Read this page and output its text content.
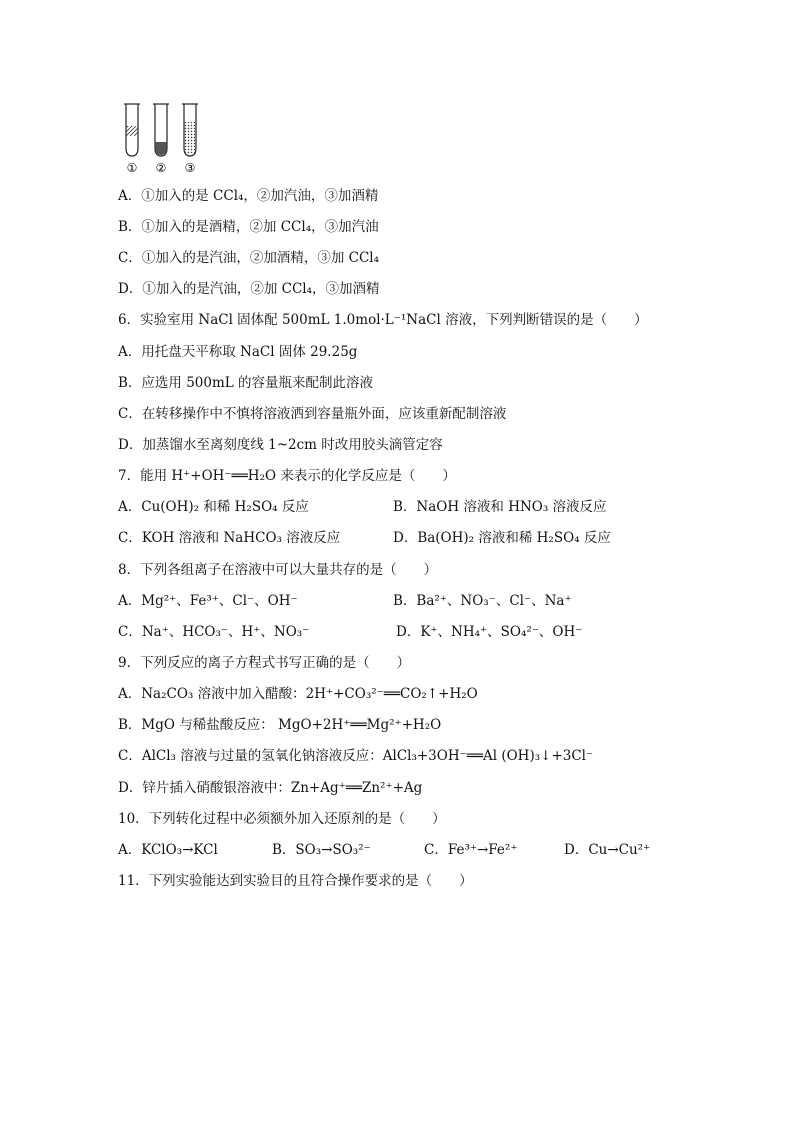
① ② ③
A．①加入的是 CCl₄，②加汽油，③加酒精
B．①加入的是酒精，②加 CCl₄，③加汽油
C．①加入的是汽油，②加酒精，③加 CCl₄
D．①加入的是汽油，②加 CCl₄，③加酒精
6．实验室用 NaCl 固体配 500mL 1.0mol·L⁻¹NaCl 溶液，下列判断错误的是（　　）
A．用托盘天平称取 NaCl 固体 29.25g
B．应选用 500mL 的容量瓶来配制此溶液
C．在转移操作中不慎将溶液洒到容量瓶外面，应该重新配制溶液
D．加蒸馏水至离刻度线 1~2cm 时改用胶头滴管定容
7．能用 H⁺+OH⁻══H₂O 来表示的化学反应是（　　）
A．Cu(OH)₂ 和稀 H₂SO₄ 反应	B．NaOH 溶液和 HNO₃ 溶液反应
C．KOH 溶液和 NaHCO₃ 溶液反应	D．Ba(OH)₂ 溶液和稀 H₂SO₄ 反应
8．下列各组离子在溶液中可以大量共存的是（　　）
A．Mg²⁺、Fe³⁺、Cl⁻、OH⁻	B．Ba²⁺、NO₃⁻、Cl⁻、Na⁺
C．Na⁺、HCO₃⁻、H⁺、NO₃⁻	D．K⁺、NH₄⁺、SO₄²⁻、OH⁻
9．下列反应的离子方程式书写正确的是（　　）
A．Na₂CO₃ 溶液中加入醋酸：2H⁺+CO₃²⁻══CO₂↑+H₂O
B．MgO 与稀盐酸反应： MgO+2H⁺══Mg²⁺+H₂O
C．AlCl₃ 溶液与过量的氢氧化钠溶液反应：AlCl₃+3OH⁻══Al (OH)₃↓+3Cl⁻
D．锌片插入硝酸银溶液中：Zn+Ag⁺══Zn²⁺+Ag
10．下列转化过程中必须额外加入还原剂的是（　　）
A．KClO₃→KCl	B．SO₃→SO₃²⁻	C．Fe³⁺→Fe²⁺	D．Cu→Cu²⁺
11．下列实验能达到实验目的且符合操作要求的是（　　）
